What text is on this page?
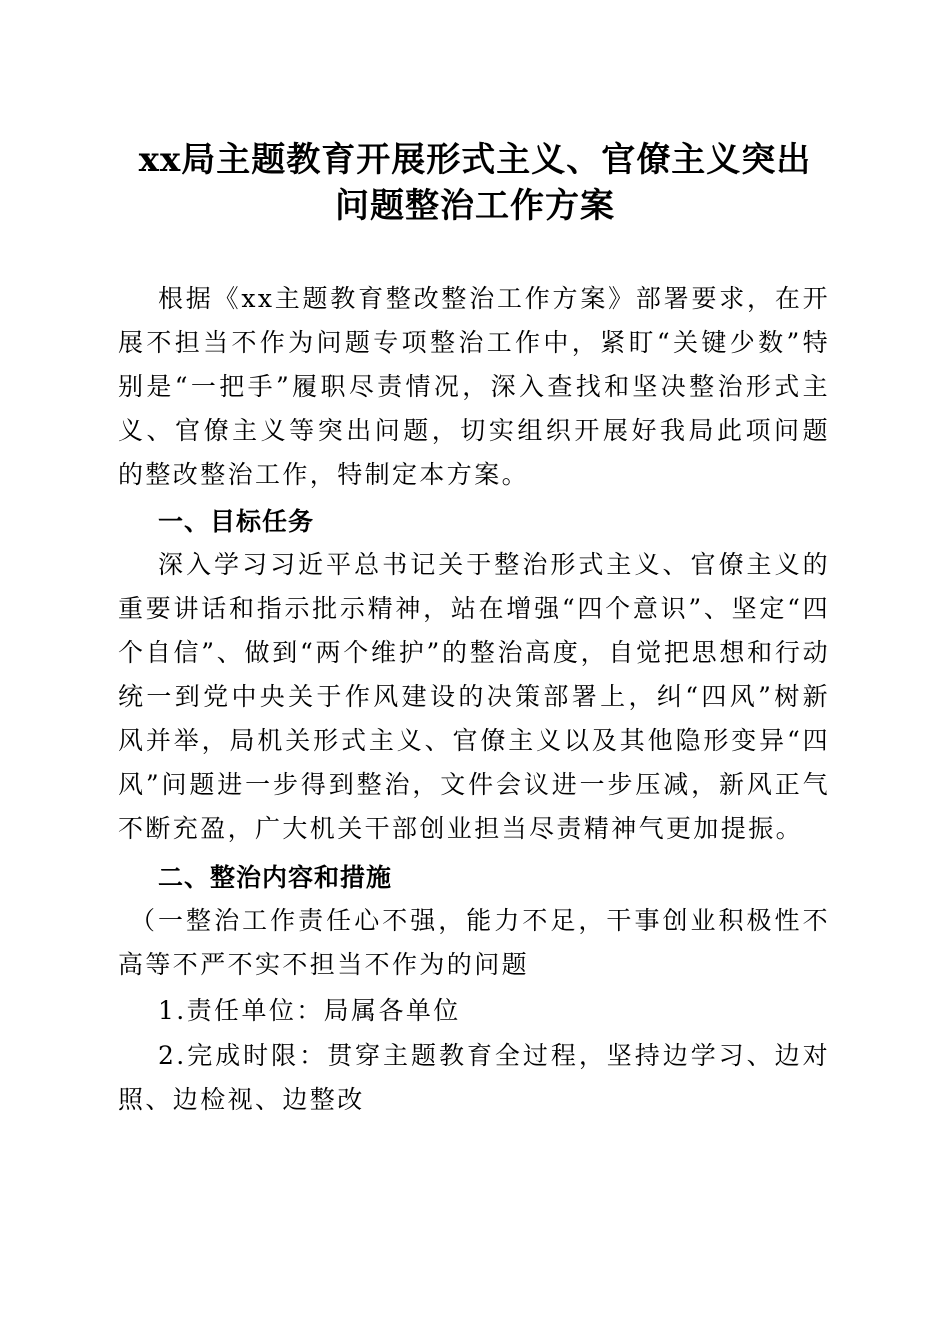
xx局主题教育开展形式主义、官僚主义突出
问题整治工作方案

根据《xx主题教育整改整治工作方案》部署要求，在开展不担当不作为问题专项整治工作中，紧盯“关键少数”特别是“一把手”履职尽责情况，深入查找和坚决整治形式主义、官僚主义等突出问题，切实组织开展好我局此项问题的整改整治工作，特制定本方案。

一、目标任务

深入学习习近平总书记关于整治形式主义、官僚主义的重要讲话和指示批示精神，站在增强“四个意识”、坚定“四个自信”、做到“两个维护”的整治高度，自觉把思想和行动统一到党中央关于作风建设的决策部署上，纠“四风”树新风并举，局机关形式主义、官僚主义以及其他隐形变异“四风”问题进一步得到整治，文件会议进一步压减，新风正气不断充盈，广大机关干部创业担当尽责精神气更加提振。

二、整治内容和措施

（一整治工作责任心不强，能力不足，干事创业积极性不高等不严不实不担当不作为的问题

1.责任单位：局属各单位

2.完成时限：贯穿主题教育全过程，坚持边学习、边对照、边检视、边整改
